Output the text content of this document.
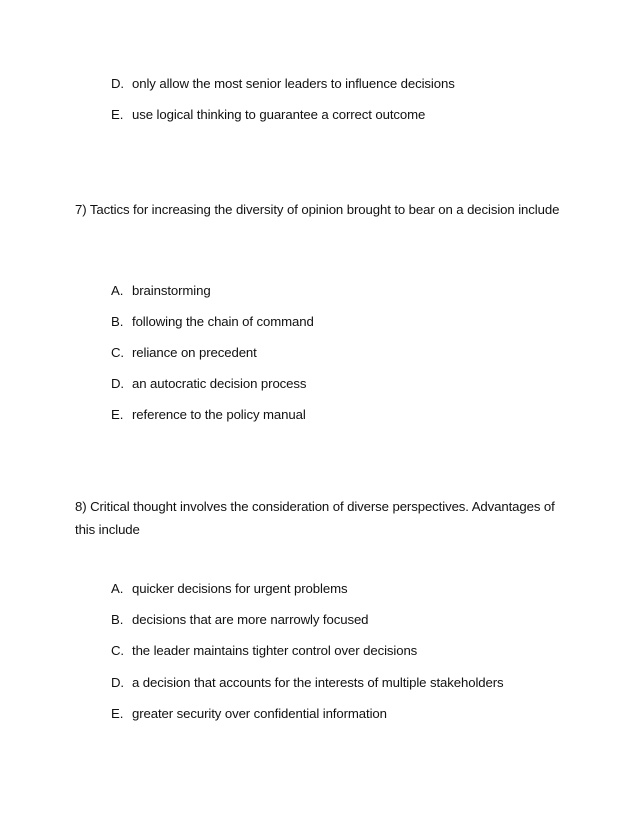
D. only allow the most senior leaders to influence decisions
E. use logical thinking to guarantee a correct outcome
7) Tactics for increasing the diversity of opinion brought to bear on a decision include
A. brainstorming
B. following the chain of command
C. reliance on precedent
D. an autocratic decision process
E. reference to the policy manual
8) Critical thought involves the consideration of diverse perspectives. Advantages of this include
A. quicker decisions for urgent problems
B. decisions that are more narrowly focused
C. the leader maintains tighter control over decisions
D. a decision that accounts for the interests of multiple stakeholders
E. greater security over confidential information
